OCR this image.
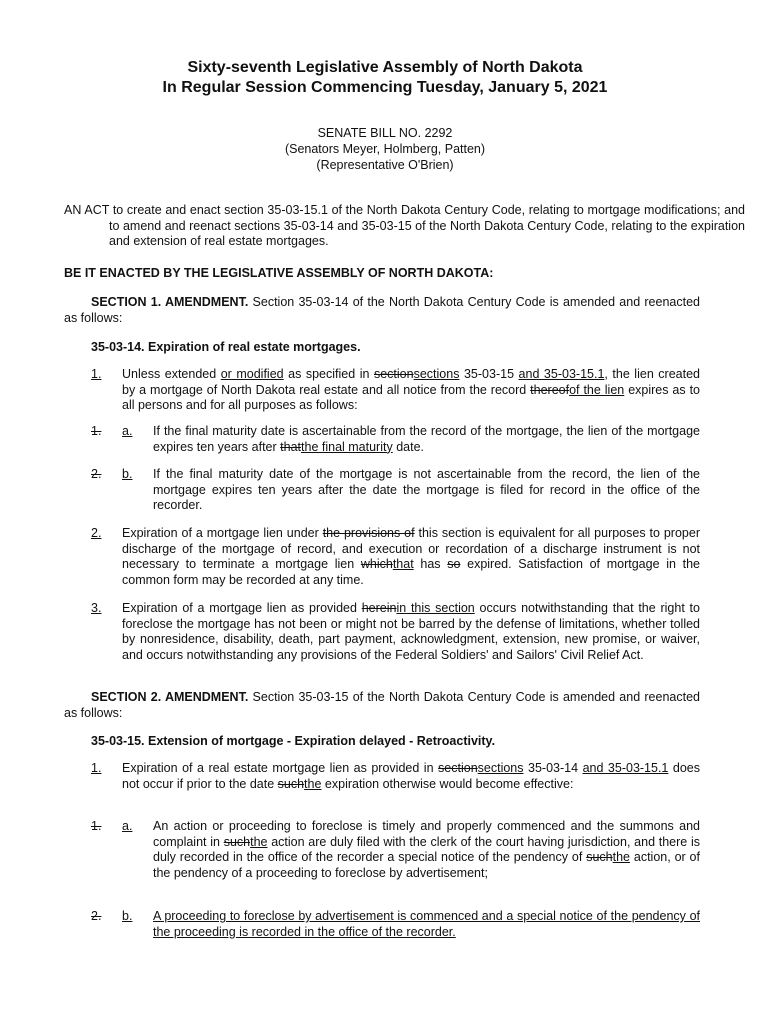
Sixty-seventh Legislative Assembly of North Dakota
In Regular Session Commencing Tuesday, January 5, 2021
SENATE BILL NO. 2292
(Senators Meyer, Holmberg, Patten)
(Representative O'Brien)
AN ACT to create and enact section 35-03-15.1 of the North Dakota Century Code, relating to mortgage modifications; and to amend and reenact sections 35-03-14 and 35-03-15 of the North Dakota Century Code, relating to the expiration and extension of real estate mortgages.
BE IT ENACTED BY THE LEGISLATIVE ASSEMBLY OF NORTH DAKOTA:
SECTION 1. AMENDMENT. Section 35-03-14 of the North Dakota Century Code is amended and reenacted as follows:
35-03-14. Expiration of real estate mortgages.
1.	Unless extended or modified as specified in sectionsections 35-03-15 and 35-03-15.1, the lien created by a mortgage of North Dakota real estate and all notice from the record thereofof the lien expires as to all persons and for all purposes as follows:
1.	a.	If the final maturity date is ascertainable from the record of the mortgage, the lien of the mortgage expires ten years after thatthe final maturity date.
2.	b.	If the final maturity date of the mortgage is not ascertainable from the record, the lien of the mortgage expires ten years after the date the mortgage is filed for record in the office of the recorder.
2.	Expiration of a mortgage lien under the provisions of this section is equivalent for all purposes to proper discharge of the mortgage of record, and execution or recordation of a discharge instrument is not necessary to terminate a mortgage lien whichthat has so expired. Satisfaction of mortgage in the common form may be recorded at any time.
3.	Expiration of a mortgage lien as provided hereinin this section occurs notwithstanding that the right to foreclose the mortgage has not been or might not be barred by the defense of limitations, whether tolled by nonresidence, disability, death, part payment, acknowledgment, extension, new promise, or waiver, and occurs notwithstanding any provisions of the Federal Soldiers' and Sailors' Civil Relief Act.
SECTION 2. AMENDMENT. Section 35-03-15 of the North Dakota Century Code is amended and reenacted as follows:
35-03-15. Extension of mortgage - Expiration delayed - Retroactivity.
1.	Expiration of a real estate mortgage lien as provided in sectionsections 35-03-14 and 35-03-15.1 does not occur if prior to the date suchthe expiration otherwise would become effective:
1.	a.	An action or proceeding to foreclose is timely and properly commenced and the summons and complaint in suchthe action are duly filed with the clerk of the court having jurisdiction, and there is duly recorded in the office of the recorder a special notice of the pendency of suchthe action, or of the pendency of a proceeding to foreclose by advertisement;
2.	b.	A proceeding to foreclose by advertisement is commenced and a special notice of the pendency of the proceeding is recorded in the office of the recorder.
